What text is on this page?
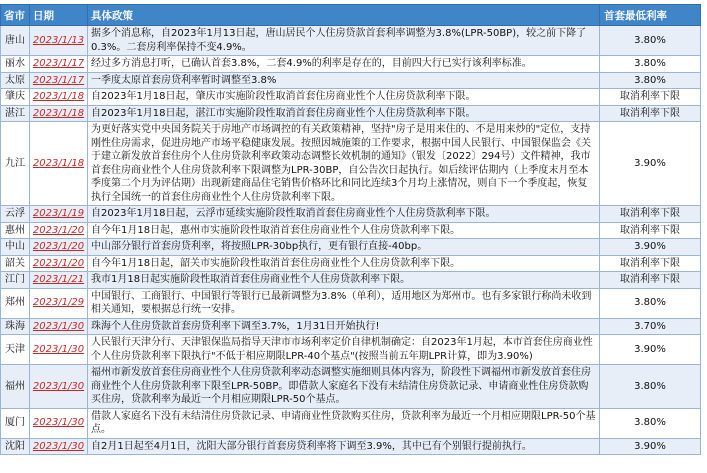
省市	日期	具体政策	首套最低利率
唐山	2023/1/13	据多个消息称，自2023年1月13日起，唐山居民个人住房贷款首套利率调整为3.8%(LPR-50BP)，较之前下降了0.3%。二套房利率保持不变4.9%。	3.80%
丽水	2023/1/17	经过多方消息打听，已确认首套3.8%，二套4.9%的利率是存在的，目前四大行已实行该利率标准。	3.80%
太原	2023/1/17	一季度太原首套房贷利率暂时调整至3.8%	3.80%
肇庆	2023/1/18	自2023年1月18日起，肇庆市实施阶段性取消首套住房商业性个人住房贷款利率下限。	取消利率下限
湛江	2023/1/18	自2023年1月18日起，湛江市实施阶段性取消首套住房商业性个人住房贷款利率下限。	取消利率下限
九江	2023/1/18	为更好落实党中央国务院关于房地产市场调控的有关政策精神，坚持"房子是用来住的、不是用来炒的"定位，支持刚性住房需求，促进房地产市场平稳健康发展。按照因城施策的工作要求，根据中国人民银行、中国银保监会《关于建立新发放首套住房个人住房贷款利率政策动态调整长效机制的通知》（银发〔2022〕294号）文件精神，我市首套住房商业性个人住房贷款利率下限调整为LPR-30BP，自公告次日起执行。如后续评估期内（上季度末月至本季度第二个月为评估期）出现新建商品住宅销售价格环比和同比连续3个月均上涨情况，则自下一个季度起，恢复执行全国统一的首套住房商业性个人住房贷款利率下限。	3.90%
云浮	2023/1/19	自2023年1月18日起，云浮市延续实施阶段性取消首套住房商业性个人住房贷款利率下限。	取消利率下限
惠州	2023/1/20	自今年1月18日起，惠州市实施阶段性取消首套住房商业性个人住房贷款利率下限。	取消利率下限
中山	2023/1/20	中山部分银行首套房贷利率，将按照LPR-30bp执行，更有银行直接-40bp。	3.90%
韶关	2023/1/20	自今年1月18日起，韶关市实施阶段性取消首套住房商业性个人住房贷款利率下限。	取消利率下限
江门	2023/1/21	我市1月18日起实施阶段性取消首套住房商业性个人住房贷款利率下限。	取消利率下限
郑州	2023/1/29	中国银行、工商银行、中国银行等银行已最新调整为3.8%（单利），适用地区为郑州市。也有多家银行称尚未收到相关通知，要根据总行统一安排。	3.80%
珠海	2023/1/30	珠海个人住房贷款首套房贷利率下调至3.7%，1月31日开始执行!	3.70%
天津	2023/1/30	人民银行天津分行、天津银保监局指导天津市市场利率定价自律机制确定：自2023年1月起，本市首套住房商业性个人住房贷款利率下限执行"不低于相应期限LPR-40个基点"(按照当前五年期LPR计算，即为3.90%)	3.90%
福州	2023/1/30	福州市新发放首套住房商业性个人住房贷款利率动态调整实施细则具体内容为，阶段性下调福州市新发放首套住房商业性个人住房贷款利率下限至LPR-50BP。即借款人家庭名下没有未结清住房贷款记录、申请商业性住房贷款购买住房，贷款利率为最近一个月相应期限LPR-50个基点。	3.80%
厦门	2023/1/30	借款人家庭名下没有未结清住房贷款记录、申请商业性贷款购买住房，贷款利率为最近一个月相应期限LPR-50个基点。	3.80%
沈阳	2023/1/30	自2月1日起至4月1日，沈阳大部分银行首套房贷利率将下调至3.9%，其中已有个别银行提前执行。	3.90%
